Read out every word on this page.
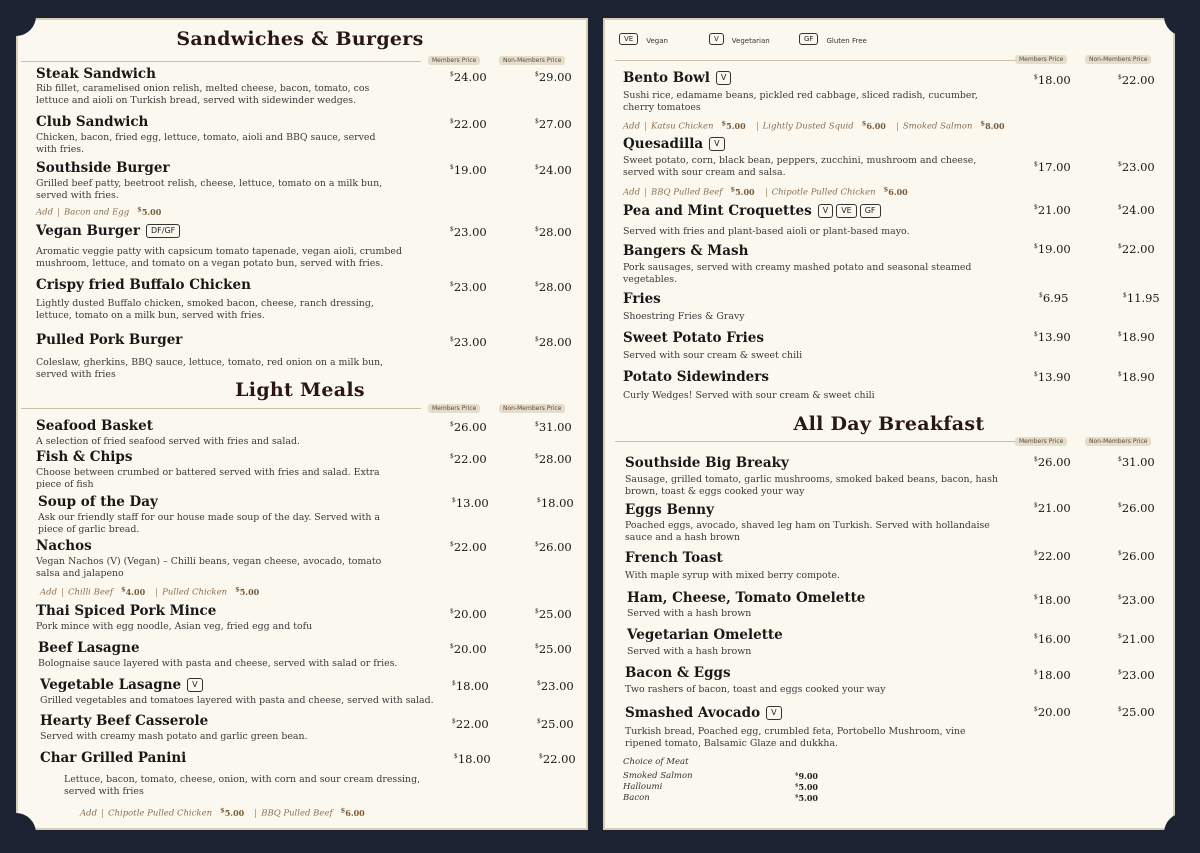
Sandwiches & Burgers
Members Price	Non-Members Price
Steak Sandwich
Rib fillet, caramelised onion relish, melted cheese, bacon, tomato, cos lettuce and aioli on Turkish bread, served with sidewinder wedges.
$24.00	$29.00
Club Sandwich
Chicken, bacon, fried egg, lettuce, tomato, aioli and BBQ sauce, served with fries.
$22.00	$27.00
Southside Burger
Grilled beef patty, beetroot relish, cheese, lettuce, tomato on a milk bun, served with fries.
$19.00	$24.00
Add Bacon and Egg $5.00
Vegan Burger DF/GF
Aromatic veggie patty with capsicum tomato tapenade, vegan aioli, crumbed mushroom, lettuce, and tomato on a vegan potato bun, served with fries.
$23.00	$28.00
Crispy fried Buffalo Chicken
Lightly dusted Buffalo chicken, smoked bacon, cheese, ranch dressing, lettuce, tomato on a milk bun, served with fries.
$23.00	$28.00
Pulled Pork Burger
Coleslaw, gherkins, BBQ sauce, lettuce, tomato, red onion on a milk bun, served with fries
$23.00	$28.00
Light Meals
Members Price	Non-Members Price
Seafood Basket
A selection of fried seafood served with fries and salad.
$26.00	$31.00
Fish & Chips
Choose between crumbed or battered served with fries and salad. Extra piece of fish
$22.00	$28.00
Soup of the Day
Ask our friendly staff for our house made soup of the day. Served with a piece of garlic bread.
$13.00	$18.00
Nachos
Vegan Nachos (V) (Vegan) – Chilli beans, vegan cheese, avocado, tomato salsa and jalapeno
$22.00	$26.00
Add Chilli Beef $4.00 Pulled Chicken $5.00
Thai Spiced Pork Mince
Pork mince with egg noodle, Asian veg, fried egg and tofu
$20.00	$25.00
Beef Lasagne
Bolognaise sauce layered with pasta and cheese, served with salad or fries.
$20.00	$25.00
Vegetable Lasagne V
Grilled vegetables and tomatoes layered with pasta and cheese, served with salad.
$18.00	$23.00
Hearty Beef Casserole
Served with creamy mash potato and garlic green bean.
$22.00	$25.00
Char Grilled Panini
Lettuce, bacon, tomato, cheese, onion, with corn and sour cream dressing, served with fries
$18.00	$22.00
Add Chipotle Pulled Chicken $5.00 BBQ Pulled Beef $6.00
VE Vegan	V Vegetarian	GF Gluten Free
Members Price	Non-Members Price
Bento Bowl V
Sushi rice, edamame beans, pickled red cabbage, sliced radish, cucumber, cherry tomatoes
$18.00	$22.00
Add Katsu Chicken $5.00 Lightly Dusted Squid $6.00 Smoked Salmon $8.00
Quesadilla V
Sweet potato, corn, black bean, peppers, zucchini, mushroom and cheese, served with sour cream and salsa.
$17.00	$23.00
Add BBQ Pulled Beef $5.00 Chipotle Pulled Chicken $6.00
Pea and Mint Croquettes V VE GF
Served with fries and plant-based aioli or plant-based mayo.
$21.00	$24.00
Bangers & Mash
Pork sausages, served with creamy mashed potato and seasonal steamed vegetables.
$19.00	$22.00
Fries
Shoestring Fries & Gravy
$6.95	$11.95
Sweet Potato Fries
Served with sour cream & sweet chili
$13.90	$18.90
Potato Sidewinders
Curly Wedges! Served with sour cream & sweet chili
$13.90	$18.90
All Day Breakfast
Members Price	Non-Members Price
Southside Big Breaky
Sausage, grilled tomato, garlic mushrooms, smoked baked beans, bacon, hash brown, toast & eggs cooked your way
$26.00	$31.00
Eggs Benny
Poached eggs, avocado, shaved leg ham on Turkish. Served with hollandaise sauce and a hash brown
$21.00	$26.00
French Toast
With maple syrup with mixed berry compote.
$22.00	$26.00
Ham, Cheese, Tomato Omelette
Served with a hash brown
$18.00	$23.00
Vegetarian Omelette
Served with a hash brown
$16.00	$21.00
Bacon & Eggs
Two rashers of bacon, toast and eggs cooked your way
$18.00	$23.00
Smashed Avocado V
Turkish bread, Poached egg, crumbled feta, Portobello Mushroom, vine ripened tomato, Balsamic Glaze and dukkha.
$20.00	$25.00
Choice of Meat
Smoked Salmon	$9.00
Halloumi	$5.00
Bacon	$5.00
